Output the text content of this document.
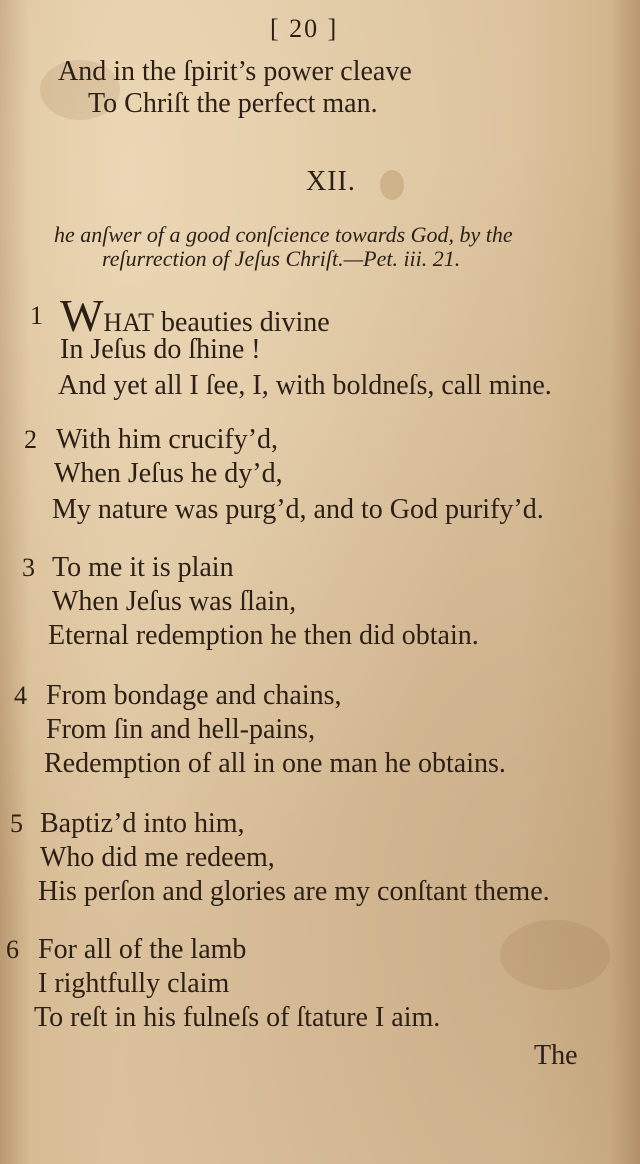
[ 20 ]
And in the ſpirit’s power cleave
To Chriſt the perfect man.
XII.
he anſwer of a good conſcience towards God, by the
reſurrection of Jeſus Chriſt.—Pet. iii. 21.
1 WHAT beauties divine
In Jeſus do ſhine !
And yet all I ſee, I, with boldneſs, call mine.
2 With him crucify’d,
When Jeſus he dy’d,
My nature was purg’d, and to God purify’d.
3 To me it is plain
When Jeſus was ſlain,
Eternal redemption he then did obtain.
4 From bondage and chains,
From ſin and hell-pains,
Redemption of all in one man he obtains.
5 Baptiz’d into him,
Who did me redeem,
His perſon and glories are my conſtant theme.
6 For all of the lamb
I rightfully claim
To reſt in his fulneſs of ſtature I aim.
The
